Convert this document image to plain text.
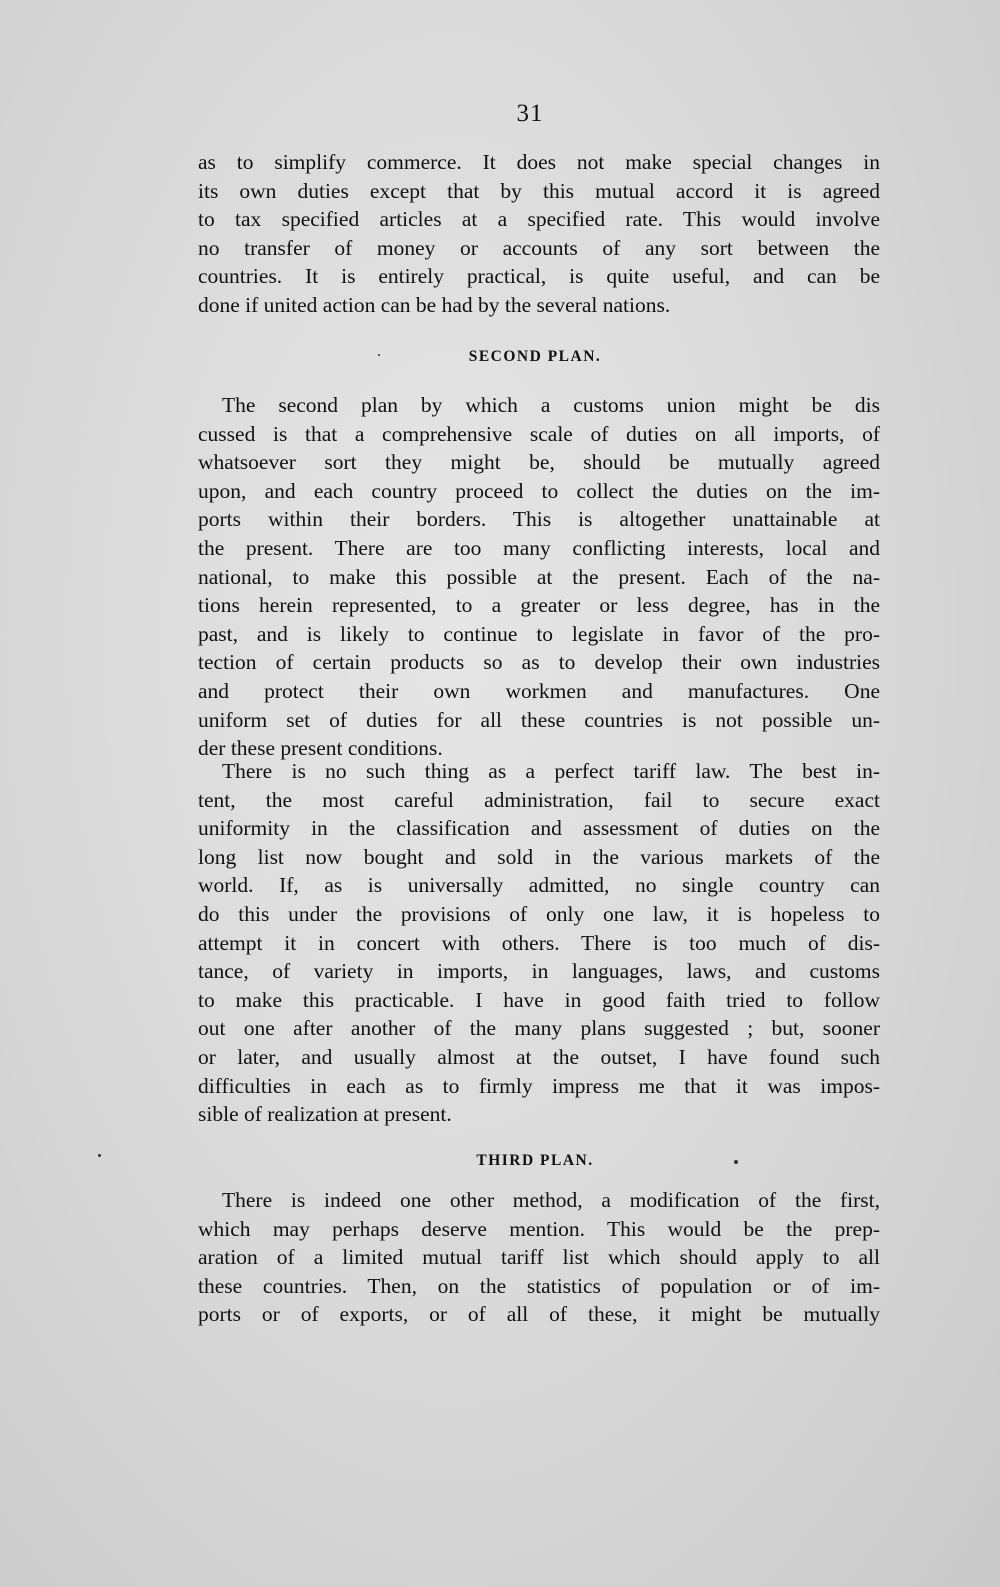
31
as to simplify commerce. It does not make special changes in
its own duties except that by this mutual accord it is agreed
to tax specified articles at a specified rate. This would involve
no transfer of money or accounts of any sort between the
countries. It is entirely practical, is quite useful, and can be
done if united action can be had by the several nations.
SECOND PLAN.
The second plan by which a customs union might be dis
cussed is that a comprehensive scale of duties on all imports, of
whatsoever sort they might be, should be mutually agreed
upon, and each country proceed to collect the duties on the im-
ports within their borders. This is altogether unattainable at
the present. There are too many conflicting interests, local and
national, to make this possible at the present. Each of the na-
tions herein represented, to a greater or less degree, has in the
past, and is likely to continue to legislate in favor of the pro-
tection of certain products so as to develop their own industries
and protect their own workmen and manufactures. One
uniform set of duties for all these countries is not possible un-
der these present conditions.
There is no such thing as a perfect tariff law. The best in-
tent, the most careful administration, fail to secure exact
uniformity in the classification and assessment of duties on the
long list now bought and sold in the various markets of the
world. If, as is universally admitted, no single country can
do this under the provisions of only one law, it is hopeless to
attempt it in concert with others. There is too much of dis-
tance, of variety in imports, in languages, laws, and customs
to make this practicable. I have in good faith tried to follow
out one after another of the many plans suggested ; but, sooner
or later, and usually almost at the outset, I have found such
difficulties in each as to firmly impress me that it was impos-
sible of realization at present.
THIRD PLAN.
There is indeed one other method, a modification of the first,
which may perhaps deserve mention. This would be the prep-
aration of a limited mutual tariff list which should apply to all
these countries. Then, on the statistics of population or of im-
ports or of exports, or of all of these, it might be mutually
